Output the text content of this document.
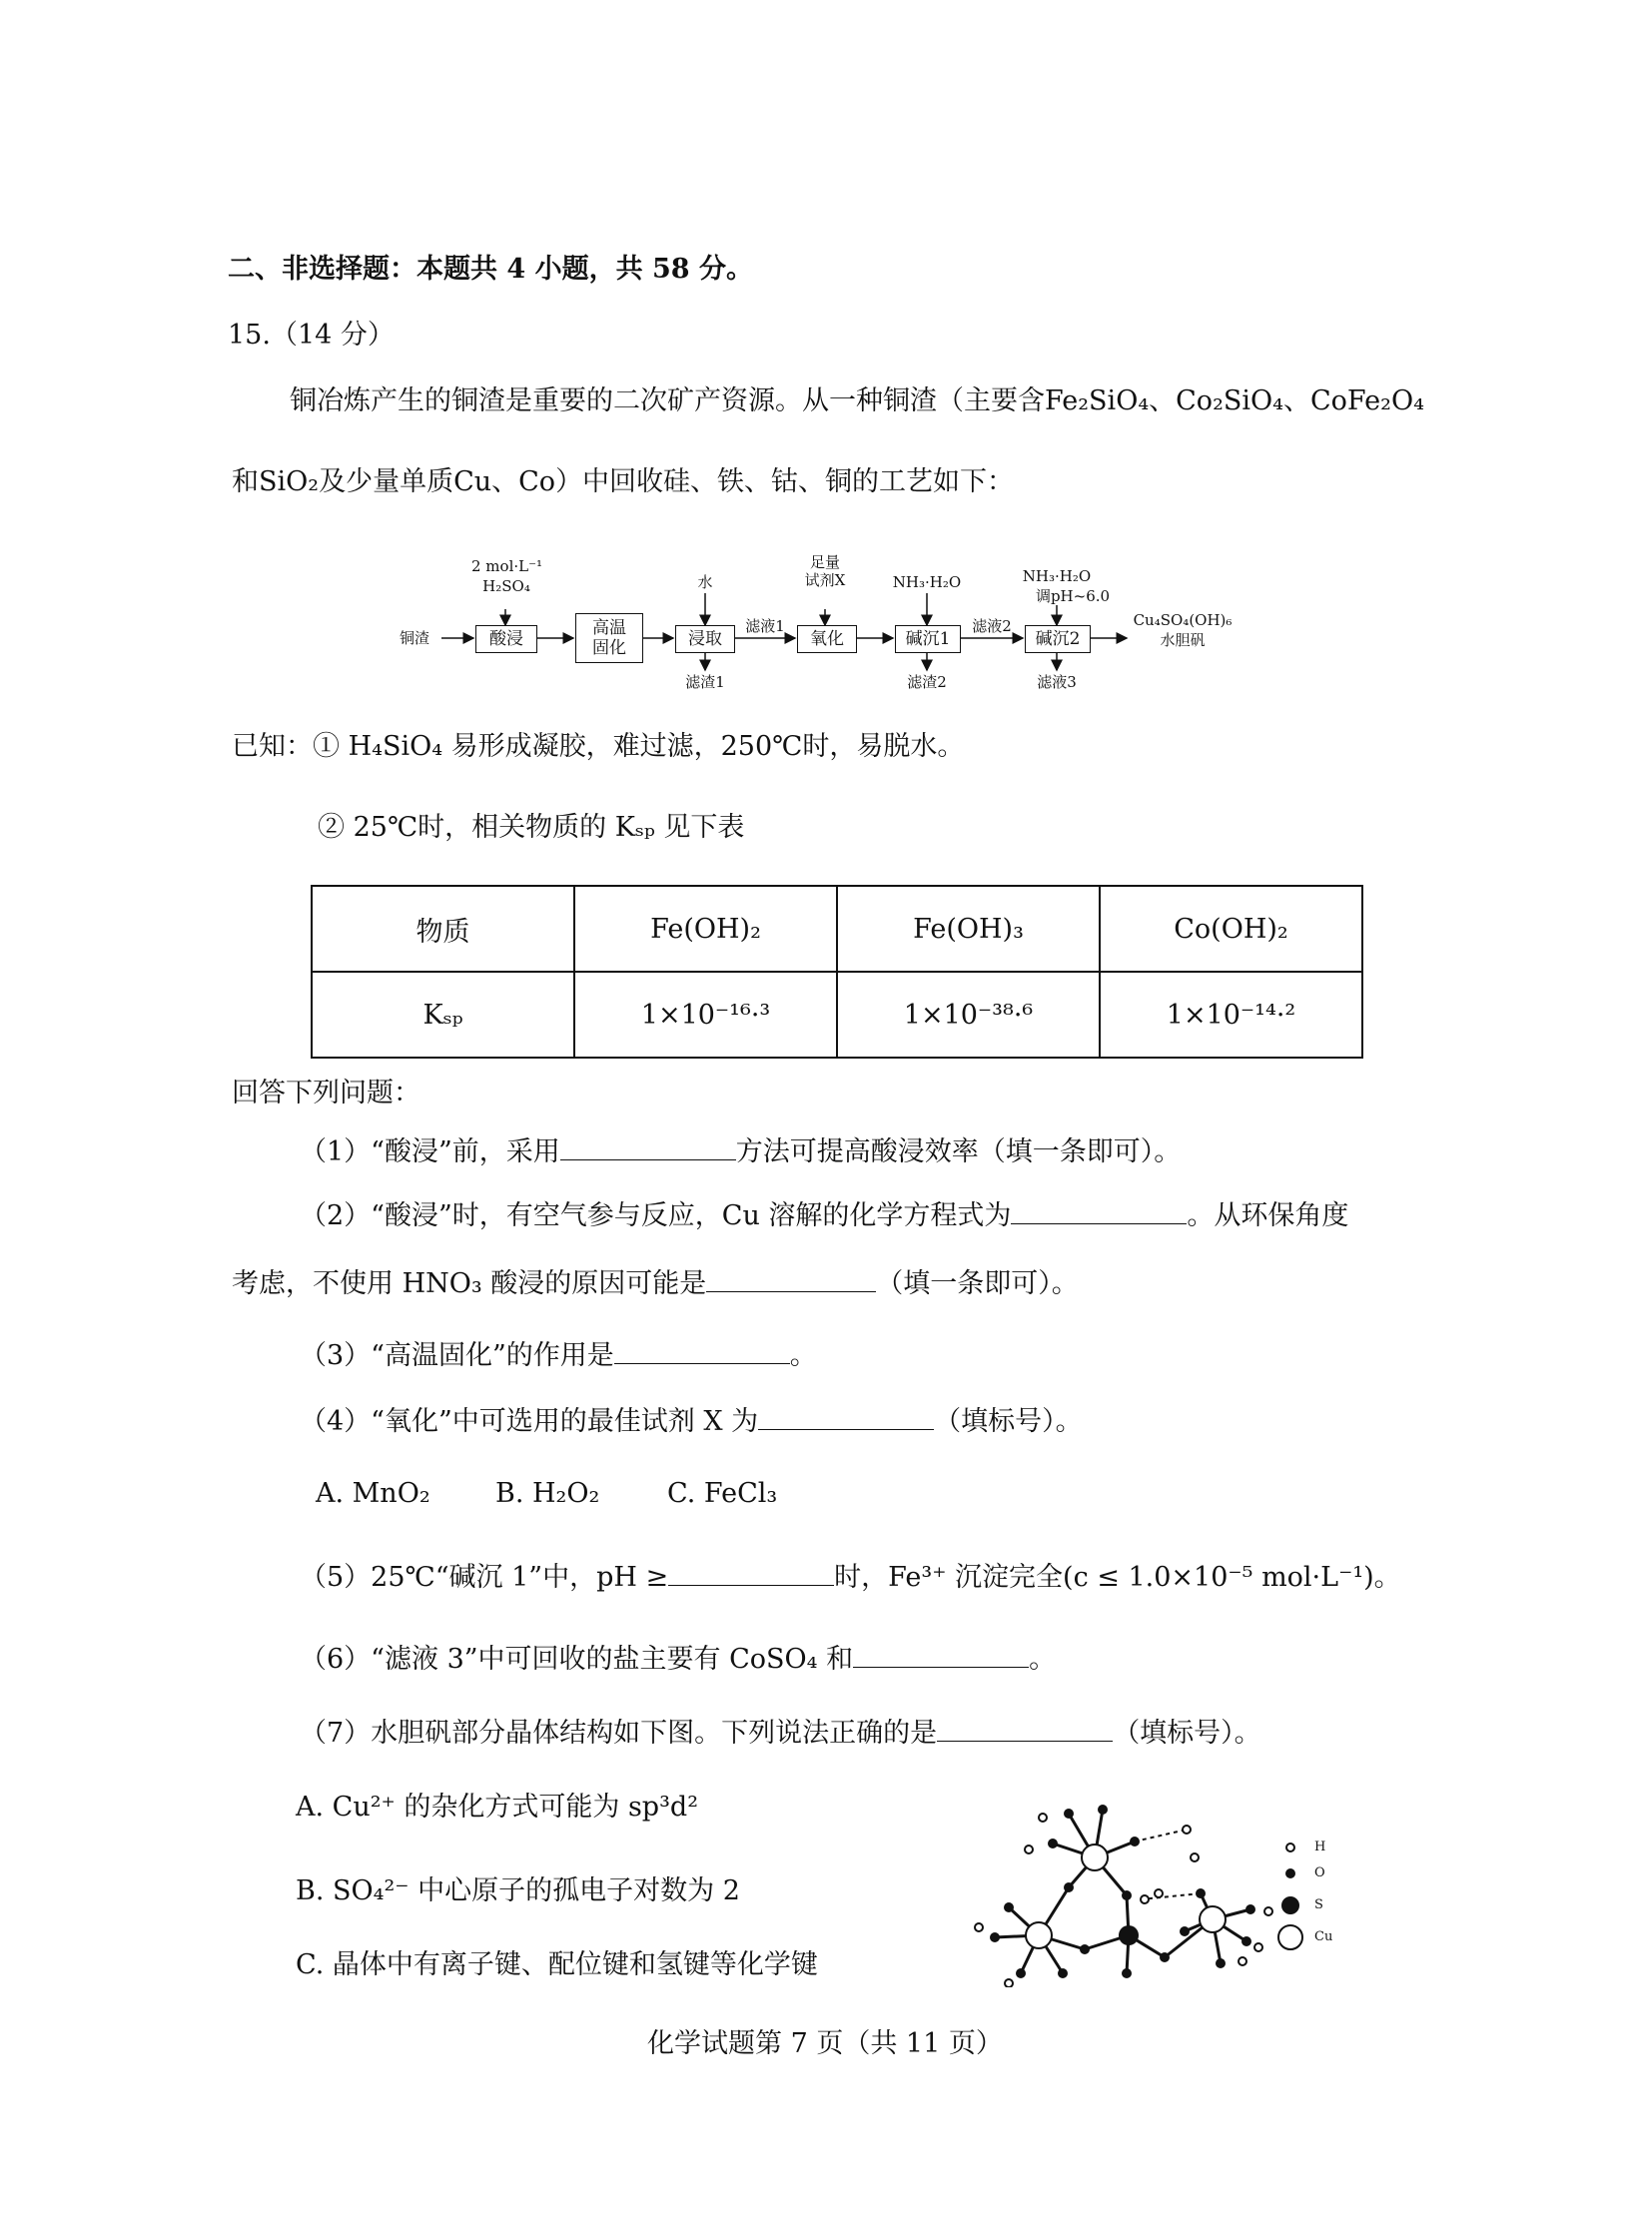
二、非选择题：本题共 4 小题，共 58 分。
15.（14 分）
铜冶炼产生的铜渣是重要的二次矿产资源。从一种铜渣（主要含Fe₂SiO₄、Co₂SiO₄、CoFe₂O₄
和SiO₂及少量单质Cu、Co）中回收硅、铁、钴、铜的工艺如下：
铜渣
2 mol·L⁻¹
H₂SO₄
酸浸
高温
固化
水
浸取
滤渣1
滤液1
足量
试剂X
氧化
NH₃·H₂O
碱沉1
滤渣2
滤液2
NH₃·H₂O
调pH~6.0
碱沉2
滤液3
Cu₄SO₄(OH)₆
水胆矾
已知：① H₄SiO₄ 易形成凝胶，难过滤，250℃时，易脱水。
② 25℃时，相关物质的 Kₛₚ 见下表
物质	Fe(OH)₂	Fe(OH)₃	Co(OH)₂
Kₛₚ	1×10⁻¹⁶·³	1×10⁻³⁸·⁶	1×10⁻¹⁴·²
回答下列问题：
（1）“酸浸”前，采用	方法可提高酸浸效率（填一条即可）。
（2）“酸浸”时，有空气参与反应，Cu 溶解的化学方程式为	。从环保角度
考虑，不使用 HNO₃ 酸浸的原因可能是	（填一条即可）。
（3）“高温固化”的作用是	。
（4）“氧化”中可选用的最佳试剂 X 为	（填标号）。
A. MnO₂ B. H₂O₂	C. FeCl₃
（5）25℃“碱沉 1”中，pH ≥	时，Fe³⁺ 沉淀完全(c ≤ 1.0×10⁻⁵ mol·L⁻¹)。
（6）“滤液 3”中可回收的盐主要有 CoSO₄ 和	。
（7）水胆矾部分晶体结构如下图。下列说法正确的是	（填标号）。
A. Cu²⁺ 的杂化方式可能为 sp³d²
B. SO₄²⁻ 中心原子的孤电子对数为 2
C. 晶体中有离子键、配位键和氢键等化学键
H
O
S
Cu
化学试题第 7 页（共 11 页）
